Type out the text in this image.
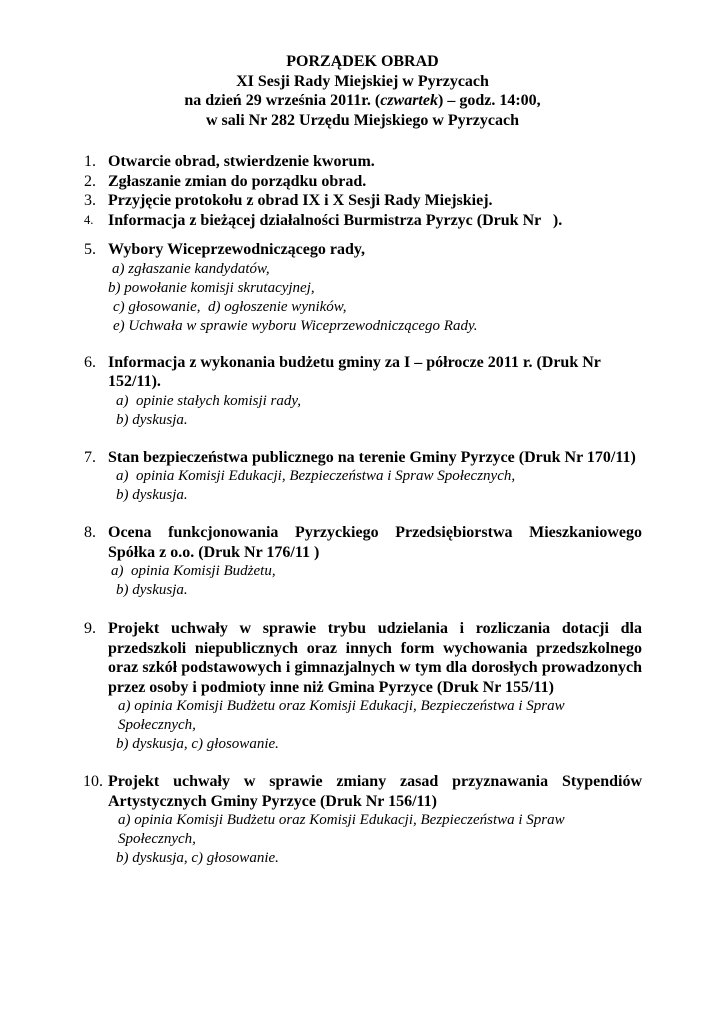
PORZĄDEK OBRAD
XI Sesji Rady Miejskiej w Pyrzycach
na dzień 29 września 2011r. (czwartek) – godz. 14:00,
w sali Nr 282 Urzędu Miejskiego w Pyrzycach
1. Otwarcie obrad, stwierdzenie kworum.
2. Zgłaszanie zmian do porządku obrad.
3. Przyjęcie protokołu z obrad IX i X Sesji Rady Miejskiej.
4. Informacja z bieżącej działalności Burmistrza Pyrzyc (Druk Nr   ).
5. Wybory Wiceprzewodniczącego rady,
a) zgłaszanie kandydatów,
b) powołanie komisji skrutacyjnej,
c) głosowanie,  d) ogłoszenie wyników,
e) Uchwała w sprawie wyboru Wiceprzewodniczącego Rady.
6. Informacja z wykonania budżetu gminy za I – półrocze 2011 r. (Druk Nr 152/11).
a)  opinie stałych komisji rady,
b) dyskusja.
7. Stan bezpieczeństwa publicznego na terenie Gminy Pyrzyce (Druk Nr 170/11)
a)  opinia Komisji Edukacji, Bezpieczeństwa i Spraw Społecznych,
b) dyskusja.
8. Ocena funkcjonowania Pyrzyckiego Przedsiębiorstwa Mieszkaniowego Spółka z o.o. (Druk Nr 176/11 )
a)  opinia Komisji Budżetu,
b) dyskusja.
9. Projekt uchwały w sprawie trybu udzielania i rozliczania dotacji dla przedszkoli niepublicznych oraz innych form wychowania przedszkolnego oraz szkół podstawowych i gimnazjalnych w tym dla dorosłych prowadzonych przez osoby i podmioty inne niż Gmina Pyrzyce (Druk Nr 155/11)
a) opinia Komisji Budżetu oraz Komisji Edukacji, Bezpieczeństwa i Spraw Społecznych,
b) dyskusja, c) głosowanie.
10. Projekt uchwały w sprawie zmiany zasad przyznawania Stypendiów Artystycznych Gminy Pyrzyce (Druk Nr 156/11)
a) opinia Komisji Budżetu oraz Komisji Edukacji, Bezpieczeństwa i Spraw Społecznych,
b) dyskusja, c) głosowanie.
